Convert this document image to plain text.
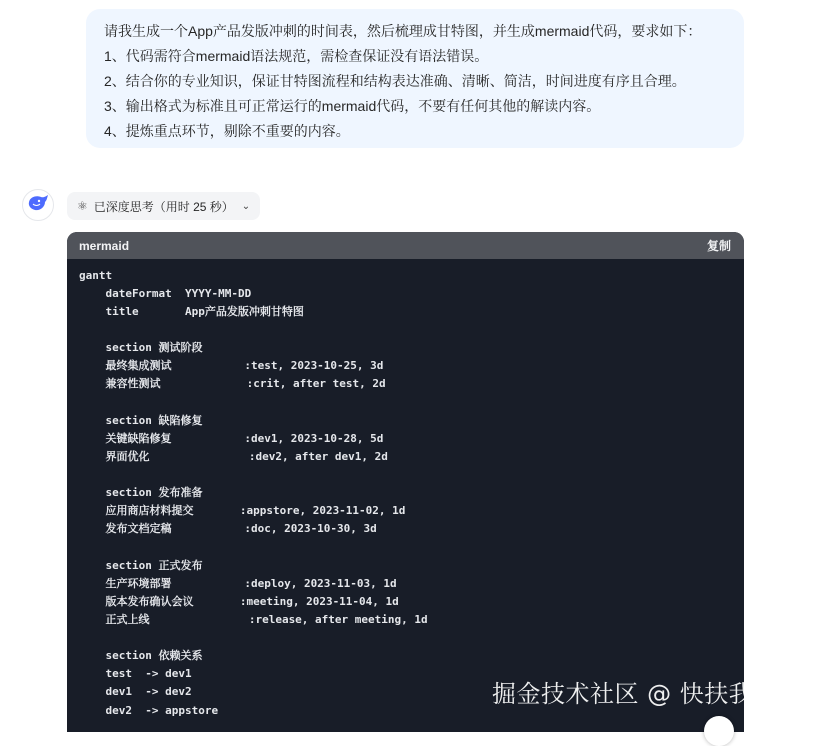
请我生成一个App产品发版冲刺的时间表，然后梳理成甘特图，并生成mermaid代码，要求如下：
1、代码需符合mermaid语法规范，需检查保证没有语法错误。
2、结合你的专业知识，保证甘特图流程和结构表达准确、清晰、简洁，时间进度有序且合理。
3、输出格式为标准且可正常运行的mermaid代码，不要有任何其他的解读内容。
4、提炼重点环节，剔除不重要的内容。
⚛ 已深度思考（用时 25 秒） ⌄
mermaid	复制
gantt
dateFormat  YYYY-MM-DD
title       App产品发版冲刺甘特图
section 测试阶段
最终集成测试           :test, 2023-10-25, 3d
兼容性测试             :crit, after test, 2d
section 缺陷修复
关键缺陷修复           :dev1, 2023-10-28, 5d
界面优化               :dev2, after dev1, 2d
section 发布准备
应用商店材料提交       :appstore, 2023-11-02, 1d
发布文档定稿           :doc, 2023-10-30, 3d
section 正式发布
生产环境部署           :deploy, 2023-11-03, 1d
版本发布确认会议       :meeting, 2023-11-04, 1d
正式上线               :release, after meeting, 1d
section 依赖关系
test  -> dev1
dev1  -> dev2
dev2  -> appstore
掘金技术社区 @ 快扶我起来
